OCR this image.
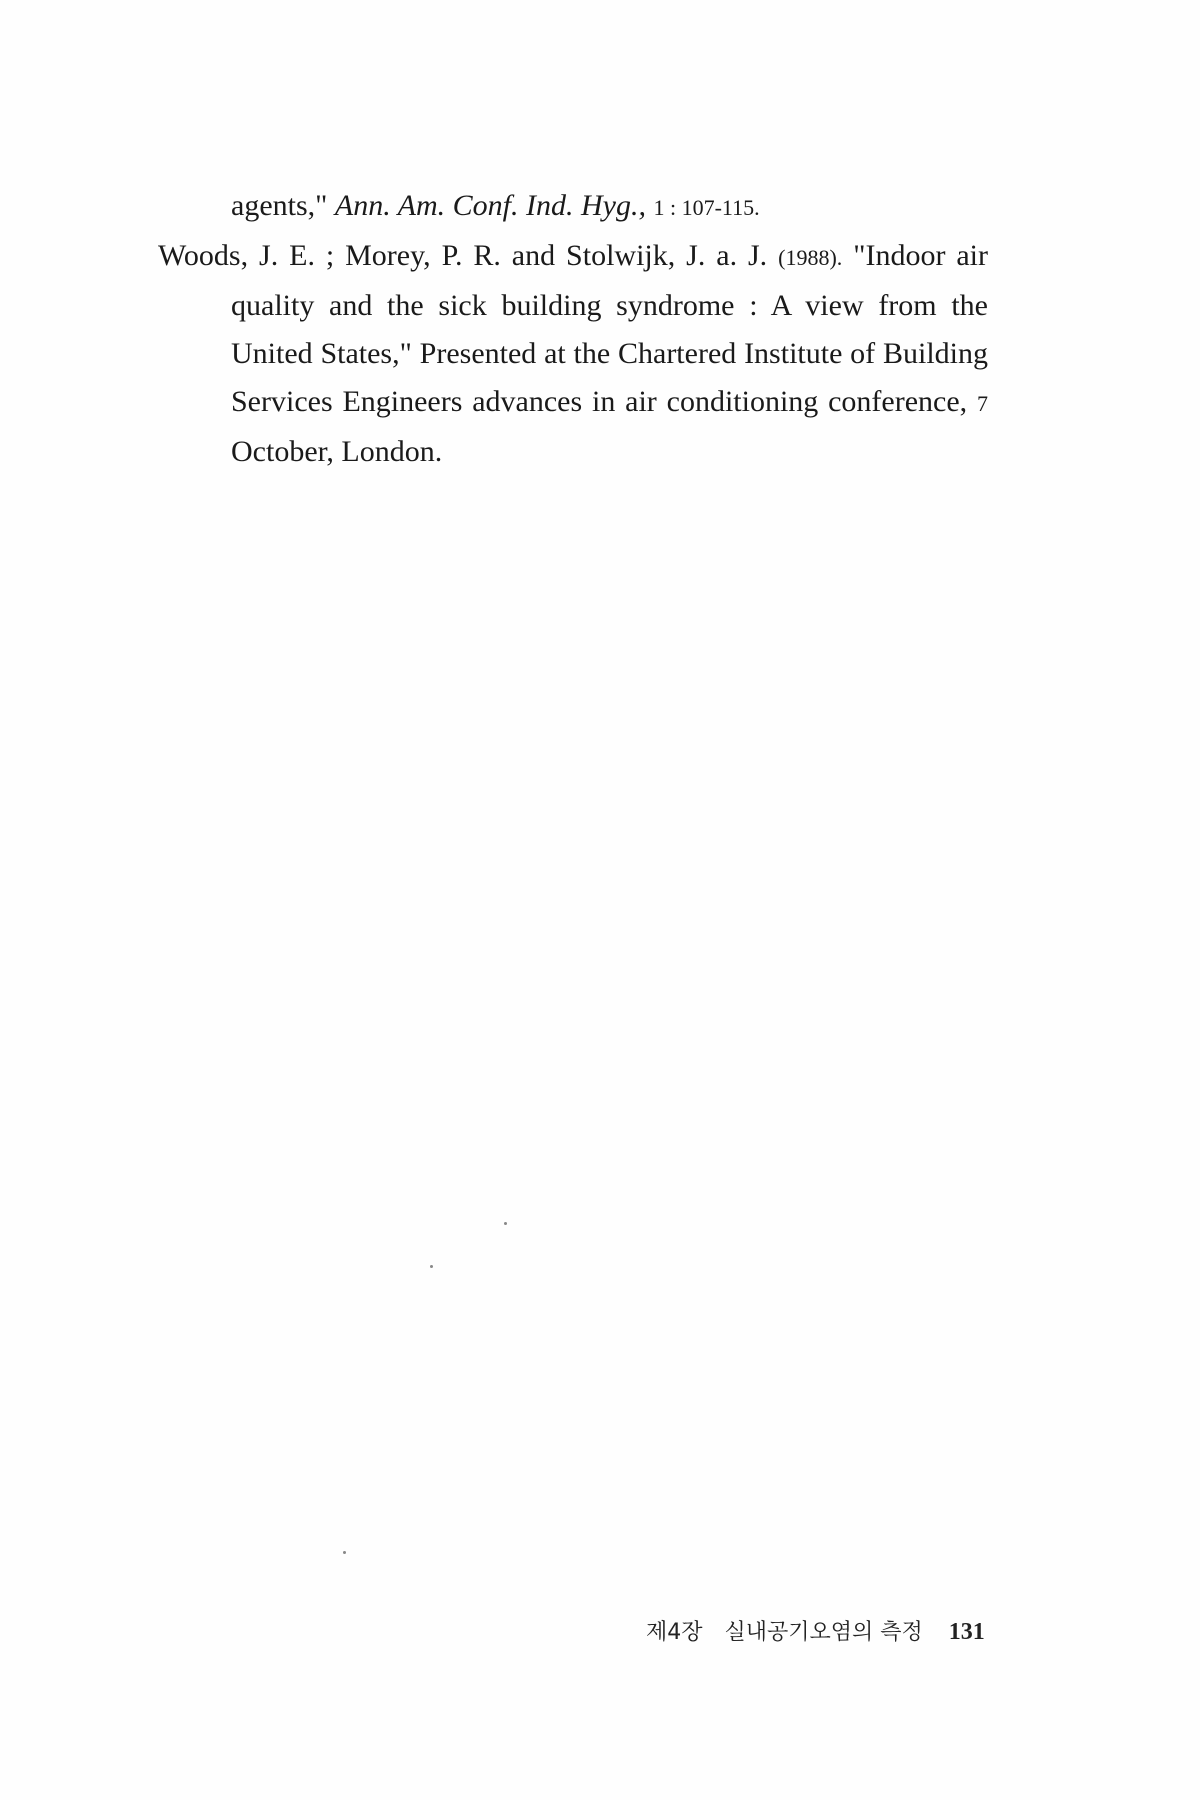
agents," Ann. Am. Conf. Ind. Hyg., 1 : 107-115.
Woods, J. E. ; Morey, P. R. and Stolwijk, J. a. J. (1988). "Indoor air quality and the sick building syndrome : A view from the United States," Presented at the Chartered Institute of Building Services Engineers advances in air conditioning conference, 7 October, London.
제4장 실내공기오염의 측정 131
